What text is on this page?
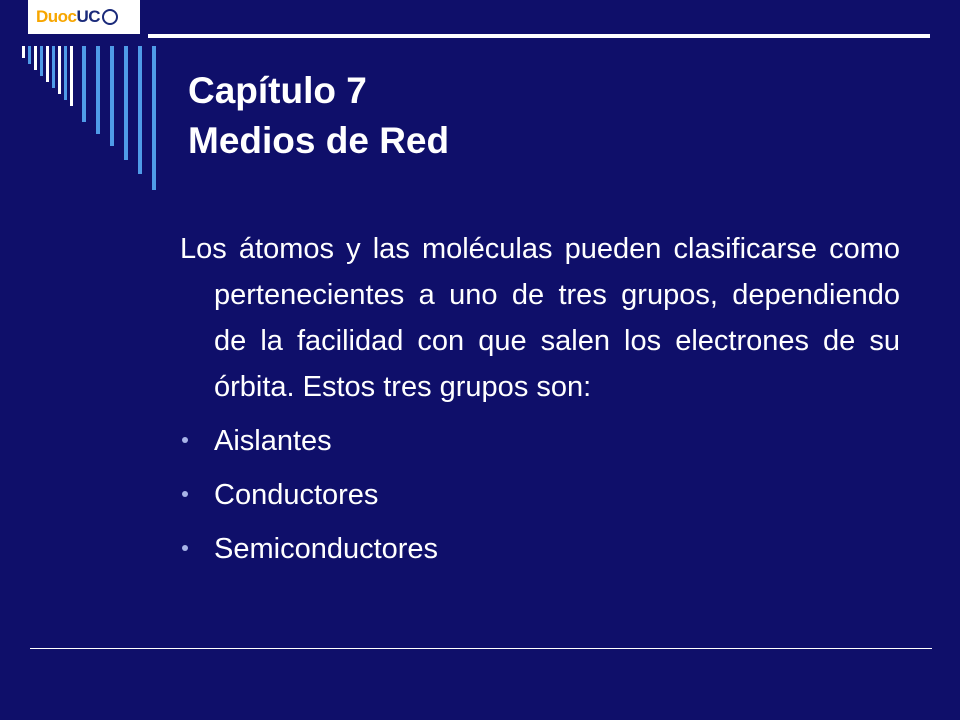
DuocUC
Capítulo 7
Medios de Red

Los átomos y las moléculas pueden clasificarse como pertenecientes a uno de tres grupos, dependiendo de la facilidad con que salen los electrones de su órbita. Estos tres grupos son:

Aislantes
Conductores
Semiconductores
